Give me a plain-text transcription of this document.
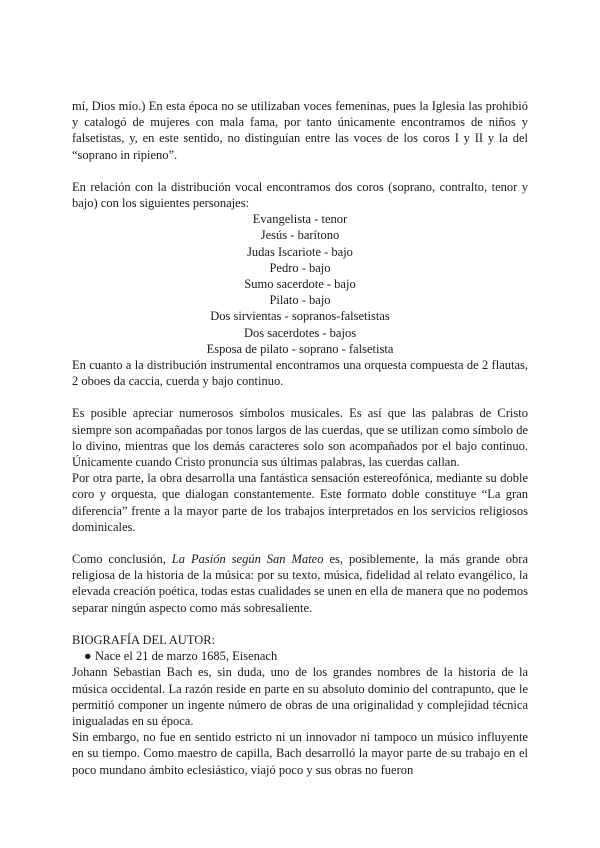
mí, Dios mío.) En esta época no se utilizaban voces femeninas, pues la Iglesia las prohibió y catalogó de mujeres con mala fama, por tanto únicamente encontramos de niños y falsetistas, y, en este sentido, no distinguían entre las voces de los coros I y II y la del “soprano in ripieno”.

En relación con la distribución vocal encontramos dos coros (soprano, contralto, tenor y bajo) con los siguientes personajes:

Evangelista - tenor
Jesús - barítono
Judas Iscariote - bajo
Pedro - bajo
Sumo sacerdote - bajo
Pilato - bajo
Dos sirvientas - sopranos-falsetistas
Dos sacerdotes - bajos
Esposa de pilato - soprano - falsetista

En cuanto a la distribución instrumental encontramos una orquesta compuesta de 2 flautas, 2 oboes da caccia, cuerda y bajo continuo.

Es posible apreciar numerosos símbolos musicales. Es así que las palabras de Cristo siempre son acompañadas por tonos largos de las cuerdas, que se utilizan como símbolo de lo divino, mientras que los demás caracteres solo son acompañados por el bajo continuo. Únicamente cuando Cristo pronuncia sus últimas palabras, las cuerdas callan.

Por otra parte, la obra desarrolla una fantástica sensación estereofónica, mediante su doble coro y orquesta, que dialogan constantemente. Este formato doble constituye “La gran diferencia” frente a la mayor parte de los trabajos interpretados en los servicios religiosos dominicales.

Como conclusión, La Pasión según San Mateo es, posiblemente, la más grande obra religiosa de la historia de la música: por su texto, música, fidelidad al relato evangélico, la elevada creación poética, todas estas cualidades se unen en ella de manera que no podemos separar ningún aspecto como más sobresaliente.

BIOGRAFÍA DEL AUTOR:

● Nace el 21 de marzo 1685, Eisenach

Johann Sebastian Bach es, sin duda, uno de los grandes nombres de la historia de la música occidental. La razón reside en parte en su absoluto dominio del contrapunto, que le permitió componer un ingente número de obras de una originalidad y complejidad técnica inigualadas en su época.

Sin embargo, no fue en sentido estricto ni un innovador ni tampoco un músico influyente en su tiempo. Como maestro de capilla, Bach desarrolló la mayor parte de su trabajo en el poco mundano ámbito eclesiástico, viajó poco y sus obras no fueron
